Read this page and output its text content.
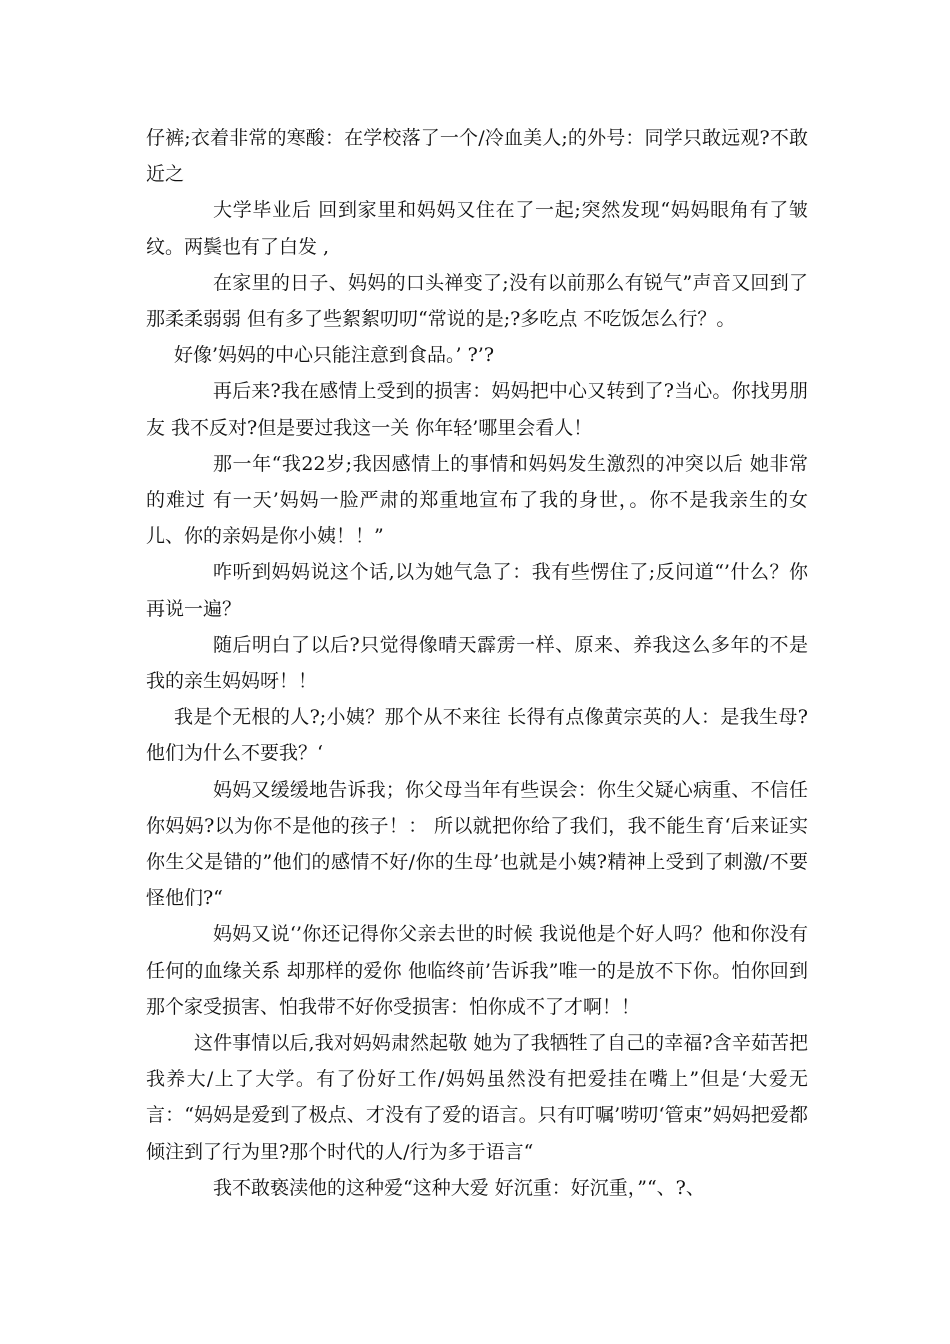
仔裤;衣着非常的寒酸：在学校落了一个/冷血美人;的外号：同学只敢远观?不敢近之

大学毕业后 回到家里和妈妈又住在了一起;突然发现“妈妈眼角有了皱纹。两鬓也有了白发 ,

在家里的日子、妈妈的口头禅变了;没有以前那么有锐气”声音又回到了那柔柔弱弱 但有多了些絮絮叨叨“常说的是;?多吃点 不吃饭怎么行？。

好像’妈妈的中心只能注意到食品。’ ?’?

再后来?我在感情上受到的损害：妈妈把中心又转到了?当心。你找男朋友 我不反对?但是要过我这一关 你年轻’哪里会看人！

那一年“我22岁;我因感情上的事情和妈妈发生激烈的冲突以后 她非常的难过 有一天’妈妈一脸严肃的郑重地宣布了我的身世，。你不是我亲生的女儿、你的亲妈是你小姨！！”

咋听到妈妈说这个话,以为她气急了：我有些愣住了;反问道“’什么？你再说一遍？

随后明白了以后?只觉得像晴天霹雳一样、原来、养我这么多年的不是我的亲生妈妈呀！！

我是个无根的人?;小姨？那个从不来往 长得有点像黄宗英的人：是我生母?他们为什么不要我？‘

妈妈又缓缓地告诉我；你父母当年有些误会：你生父疑心病重、不信任你妈妈?以为你不是他的孩子！： 所以就把你给了我们，我不能生育‘后来证实你生父是错的”他们的感情不好/你的生母’也就是小姨?精神上受到了刺激/不要怪他们?“

妈妈又说‘’你还记得你父亲去世的时候 我说他是个好人吗？他和你没有任何的血缘关系 却那样的爱你 他临终前’告诉我”唯一的是放不下你。怕你回到那个家受损害、怕我带不好你受损害：怕你成不了才啊！！

这件事情以后,我对妈妈肃然起敬 她为了我牺牲了自己的幸福?含辛茹苦把我养大/上了大学。有了份好工作/妈妈虽然没有把爱挂在嘴上”但是‘大爱无言：“妈妈是爱到了极点、才没有了爱的语言。只有叮嘱’唠叨‘管束”妈妈把爱都倾注到了行为里?那个时代的人/行为多于语言“

我不敢亵渎他的这种爱“这种大爱 好沉重：好沉重，”“、?、
